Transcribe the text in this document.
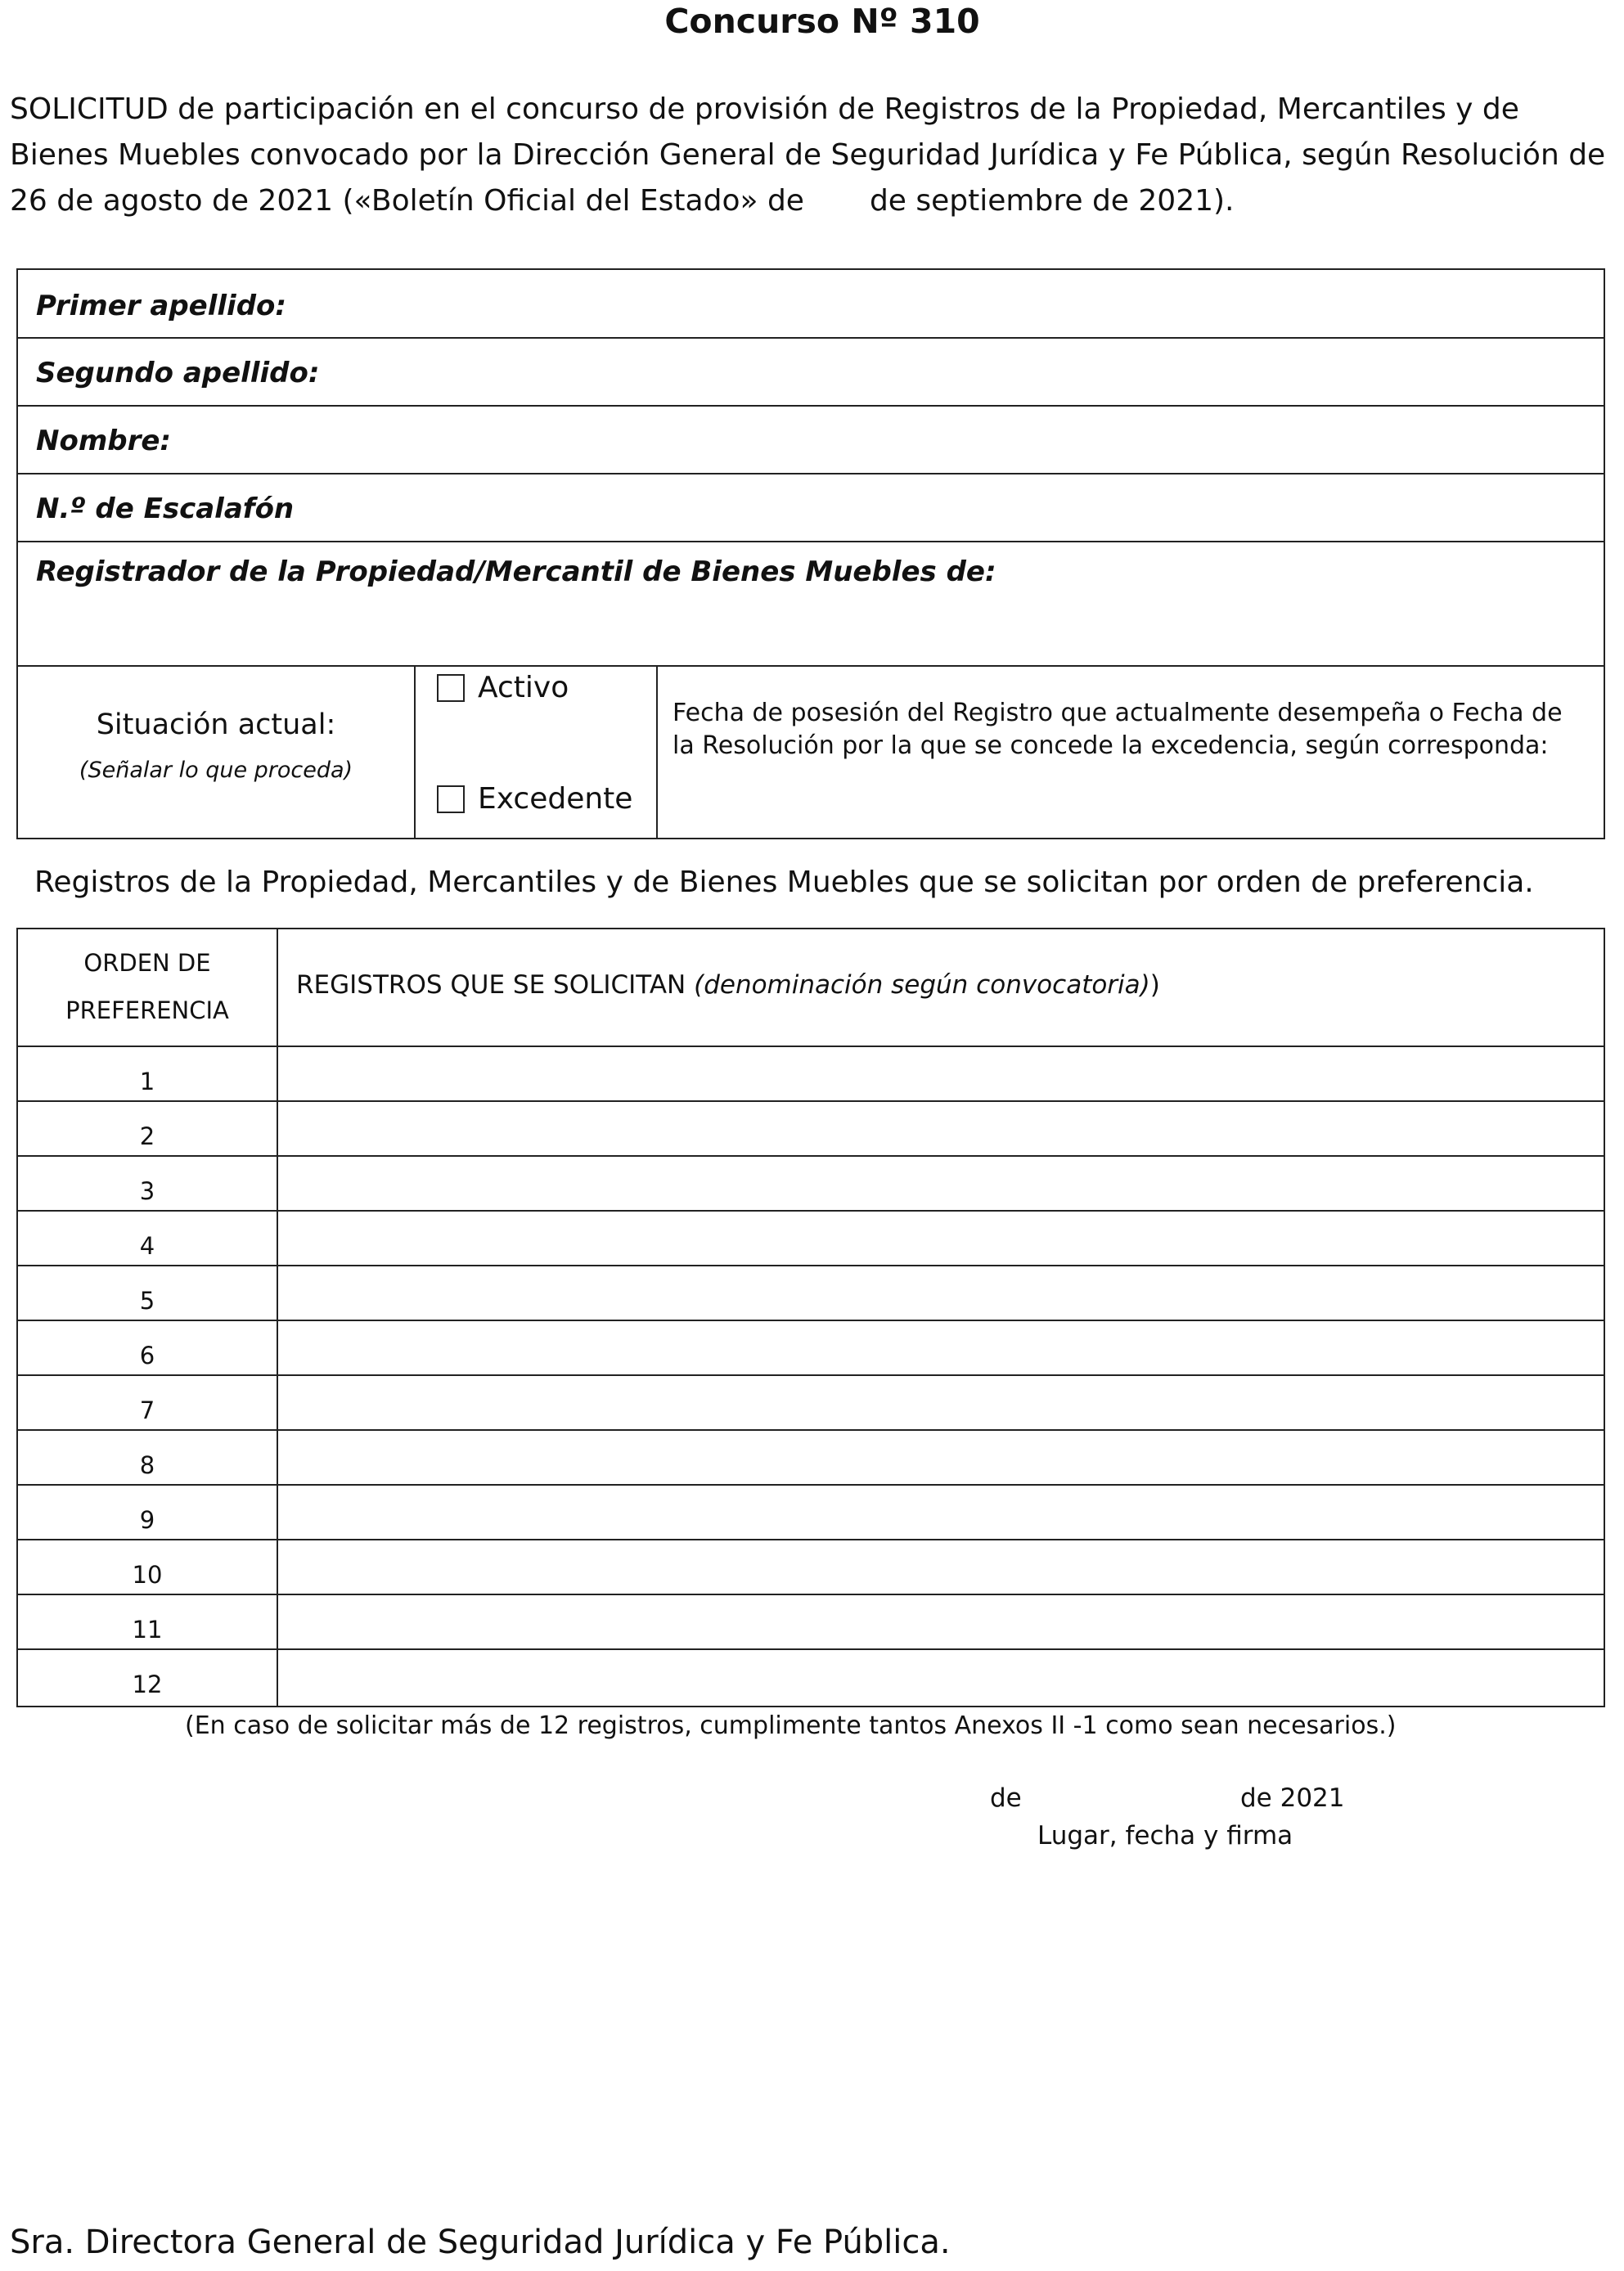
Concurso Nº 310
SOLICITUD de participación en el concurso de provisión de Registros de la Propiedad, Mercantiles y de Bienes Muebles convocado por la Dirección General de Seguridad Jurídica y Fe Pública, según Resolución de 26 de agosto de 2021 («Boletín Oficial del Estado» de de septiembre de 2021).
Primer apellido:
Segundo apellido:
Nombre:
N.º de Escalafón
Registrador de la Propiedad/Mercantil de Bienes Muebles de:
Situación actual:
(Señalar lo que proceda)
Activo
Excedente
Fecha de posesión del Registro que actualmente desempeña o Fecha de la Resolución por la que se concede la excedencia, según corresponda:
Registros de la Propiedad, Mercantiles y de Bienes Muebles que se solicitan por orden de preferencia.
ORDEN DE
PREFERENCIA
REGISTROS QUE SE SOLICITAN (denominación según convocatoria))
1
2
3
4
5
6
7
8
9
10
11
12
(En caso de solicitar más de 12 registros, cumplimente tantos Anexos II -1 como sean necesarios.)
de	de 2021
Lugar, fecha y firma
Sra. Directora General de Seguridad Jurídica y Fe Pública.
